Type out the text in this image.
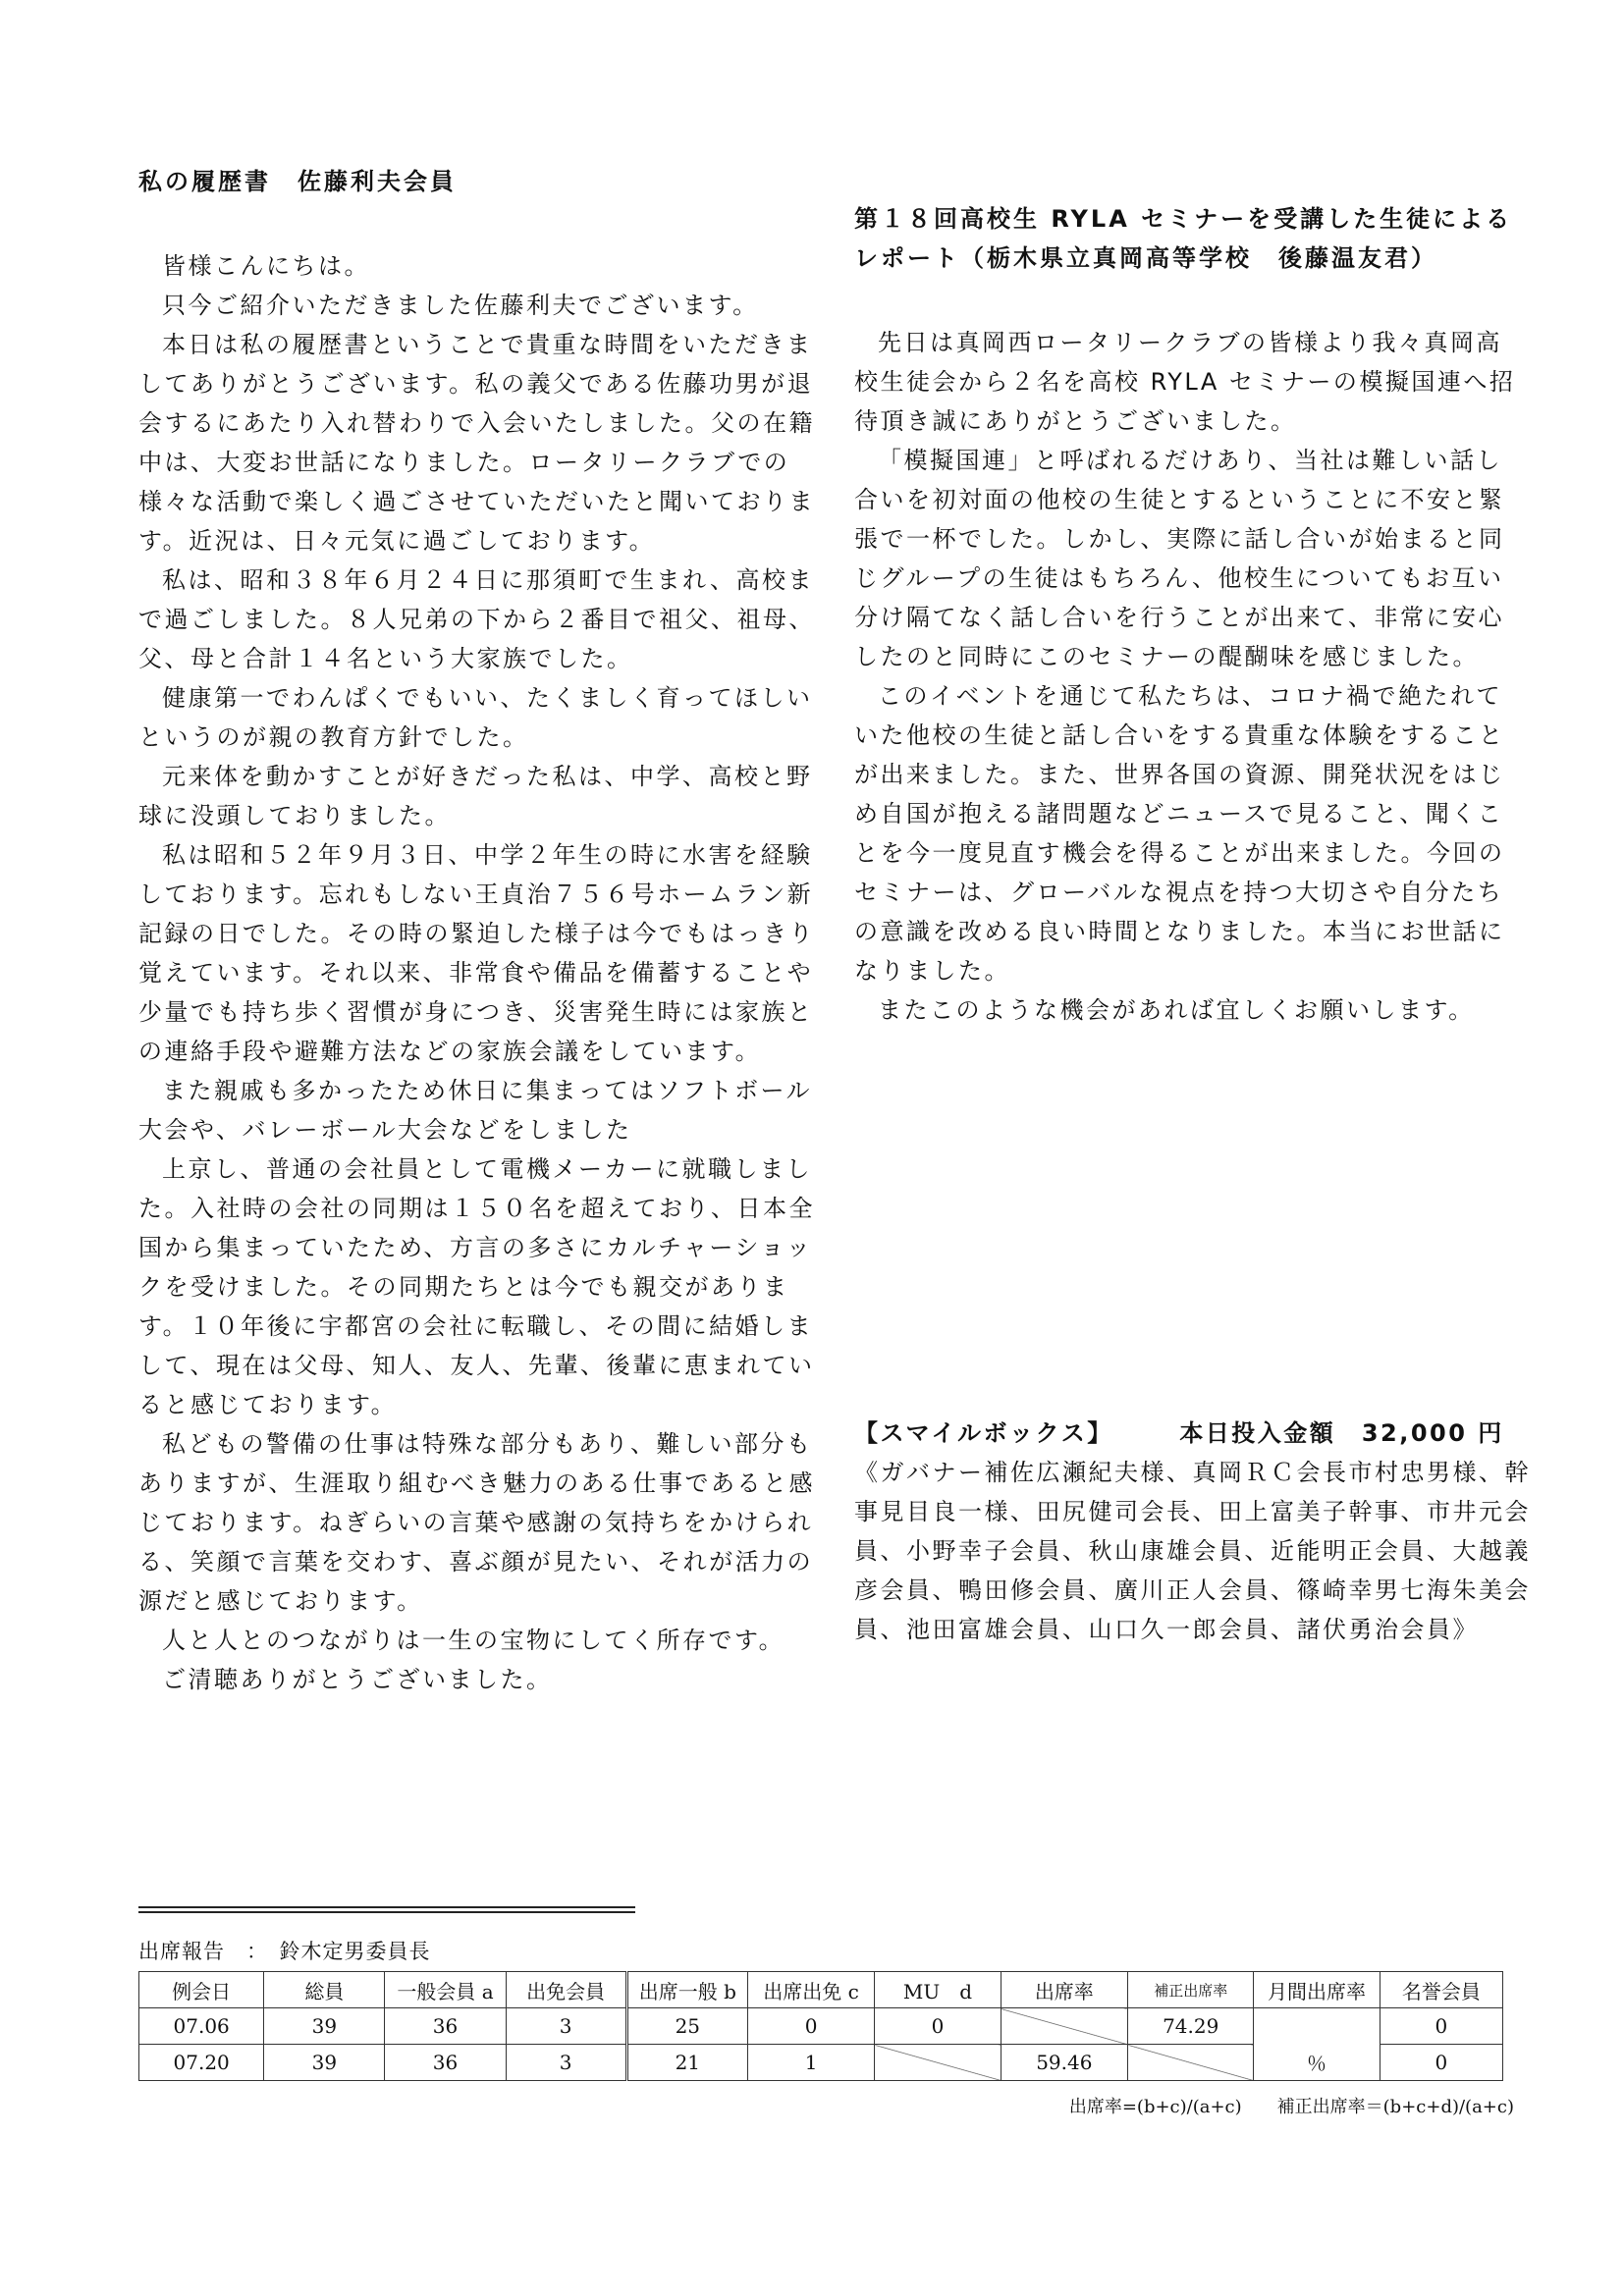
私の履歴書　佐藤利夫会員

皆様こんにちは。

只今ご紹介いただきました佐藤利夫でございます。

本日は私の履歴書ということで貴重な時間をいただきましてありがとうございます。私の義父である佐藤功男が退会するにあたり入れ替わりで入会いたしました。父の在籍中は、大変お世話になりました。ロータリークラブでの様々な活動で楽しく過ごさせていただいたと聞いております。近況は、日々元気に過ごしております。

私は、昭和３８年６月２４日に那須町で生まれ、高校まで過ごしました。８人兄弟の下から２番目で祖父、祖母、父、母と合計１４名という大家族でした。

健康第一でわんぱくでもいい、たくましく育ってほしいというのが親の教育方針でした。

元来体を動かすことが好きだった私は、中学、高校と野球に没頭しておりました。

私は昭和５２年９月３日、中学２年生の時に水害を経験しております。忘れもしない王貞治７５６号ホームラン新記録の日でした。その時の緊迫した様子は今でもはっきり覚えています。それ以来、非常食や備品を備蓄することや少量でも持ち歩く習慣が身につき、災害発生時には家族との連絡手段や避難方法などの家族会議をしています。

また親戚も多かったため休日に集まってはソフトボール大会や、バレーボール大会などをしました

上京し、普通の会社員として電機メーカーに就職しました。入社時の会社の同期は１５０名を超えており、日本全国から集まっていたため、方言の多さにカルチャーショックを受けました。その同期たちとは今でも親交があります。１０年後に宇都宮の会社に転職し、その間に結婚しまして、現在は父母、知人、友人、先輩、後輩に恵まれていると感じております。

私どもの警備の仕事は特殊な部分もあり、難しい部分もありますが、生涯取り組むべき魅力のある仕事であると感じております。ねぎらいの言葉や感謝の気持ちをかけられる、笑顔で言葉を交わす、喜ぶ顔が見たい、それが活力の源だと感じております。

人と人とのつながりは一生の宝物にしてく所存です。

ご清聴ありがとうございました。

第１８回高校生 RYLA セミナーを受講した生徒によるレポート（栃木県立真岡高等学校　後藤温友君）

先日は真岡西ロータリークラブの皆様より我々真岡高校生徒会から２名を高校 RYLA セミナーの模擬国連へ招待頂き誠にありがとうございました。

「模擬国連」と呼ばれるだけあり、当社は難しい話し合いを初対面の他校の生徒とするということに不安と緊張で一杯でした。しかし、実際に話し合いが始まると同じグループの生徒はもちろん、他校生についてもお互い分け隔てなく話し合いを行うことが出来て、非常に安心したのと同時にこのセミナーの醍醐味を感じました。

このイベントを通じて私たちは、コロナ禍で絶たれていた他校の生徒と話し合いをする貴重な体験をすることが出来ました。また、世界各国の資源、開発状況をはじめ自国が抱える諸問題などニュースで見ること、聞くことを今一度見直す機会を得ることが出来ました。今回のセミナーは、グローバルな視点を持つ大切さや自分たちの意識を改める良い時間となりました。本当にお世話になりました。

またこのような機会があれば宜しくお願いします。

【スマイルボックス】　　　	本日投入金額　 32,000 円

《ガバナー補佐広瀬紀夫様、真岡ＲＣ会長市村忠男様、幹事見目良一様、田尻健司会長、田上富美子幹事、市井元会員、小野幸子会員、秋山康雄会員、近能明正会員、大越義彦会員、鴨田修会員、廣川正人会員、篠崎幸男七海朱美会員、池田富雄会員、山口久一郎会員、諸伏勇治会員》

出席報告　：　鈴木定男委員長
例会日	総員	一般会員 a	出免会員	出席一般 b	出席出免 c	MU　d	出席率	補正出席率	月間出席率	名誉会員
07.06	39	36	3	25	0	0		74.29	％	0
07.20	39	36	3	21	1		59.46			0
出席率=(b+c)/(a+c)　　補正出席率＝(b+c+d)/(a+c)
